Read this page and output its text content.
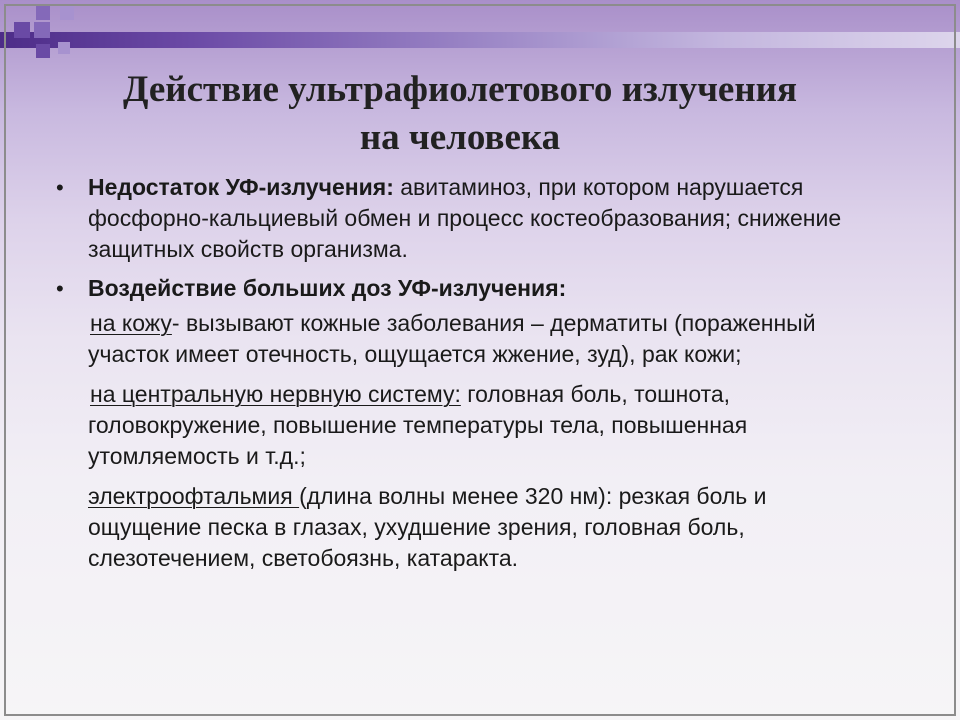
Действие ультрафиолетового излучения
на человека
• Недостаток УФ-излучения: авитаминоз, при котором нарушается фосфорно-кальциевый обмен и процесс костеобразования; снижение защитных свойств организма.
• Воздействие больших доз УФ-излучения:
на кожу- вызывают кожные заболевания – дерматиты (пораженный участок имеет отечность, ощущается жжение, зуд), рак кожи;
на центральную нервную систему: головная боль, тошнота, головокружение, повышение температуры тела, повышенная утомляемость и т.д.;
электроофтальмия (длина волны менее 320 нм): резкая боль и ощущение песка в глазах, ухудшение зрения, головная боль, слезотечением, светобоязнь, катаракта.
